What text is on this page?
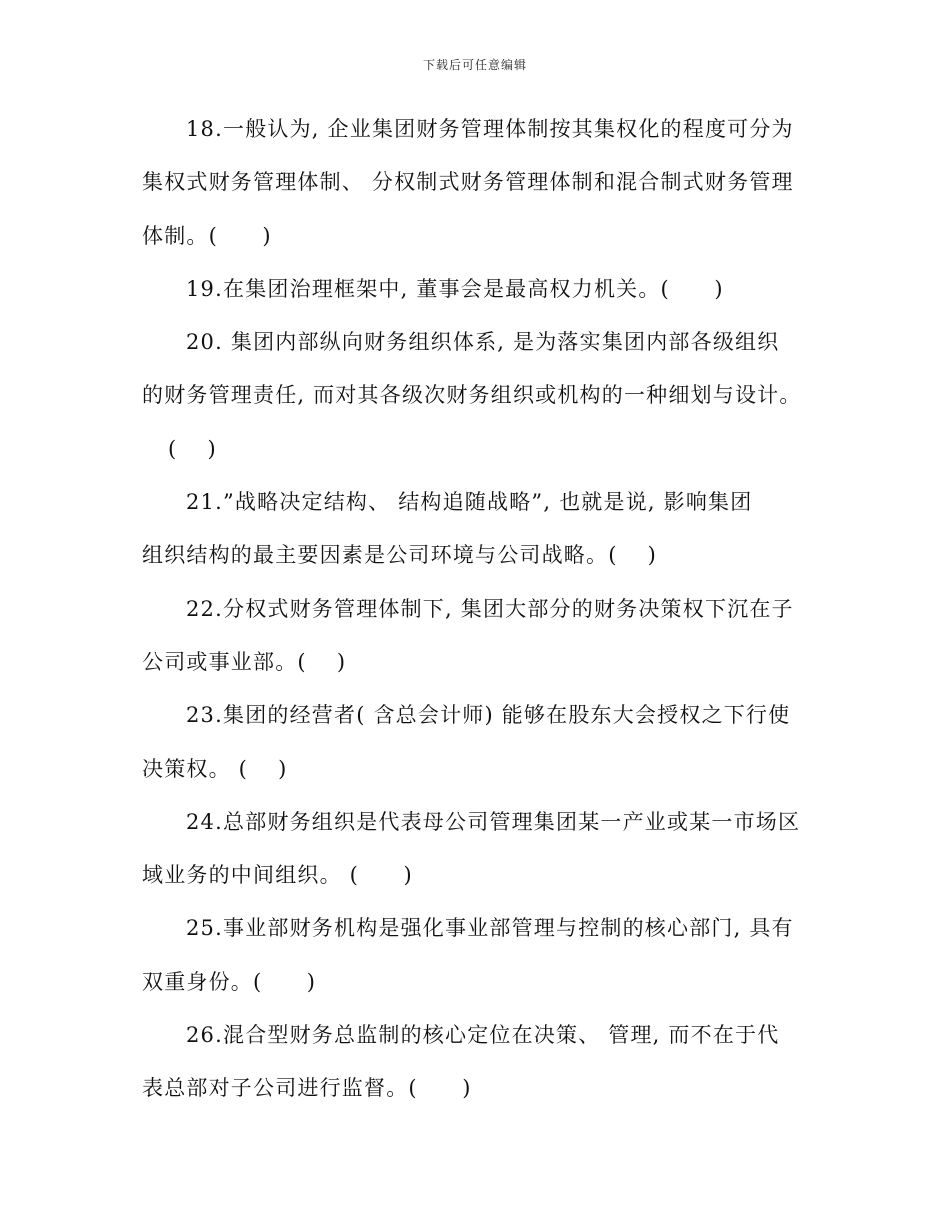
下载后可任意编辑
18.一般认为, 企业集团财务管理体制按其集权化的程度可分为
集权式财务管理体制、 分权制式财务管理体制和混合制式财务管理
体制。(　　)
19.在集团治理框架中, 董事会是最高权力机关。(　　)
20. 集团内部纵向财务组织体系, 是为落实集团内部各级组织
的财务管理责任, 而对其各级次财务组织或机构的一种细划与设计。
(　 )
21.”战略决定结构、 结构追随战略”, 也就是说, 影响集团
组织结构的最主要因素是公司环境与公司战略。(　 )
22.分权式财务管理体制下, 集团大部分的财务决策权下沉在子
公司或事业部。(　 )
23.集团的经营者( 含总会计师) 能够在股东大会授权之下行使
决策权。 (　 )
24.总部财务组织是代表母公司管理集团某一产业或某一市场区
域业务的中间组织。 (　　)
25.事业部财务机构是强化事业部管理与控制的核心部门, 具有
双重身份。(　　)
26.混合型财务总监制的核心定位在决策、 管理, 而不在于代
表总部对子公司进行监督。(　　)
